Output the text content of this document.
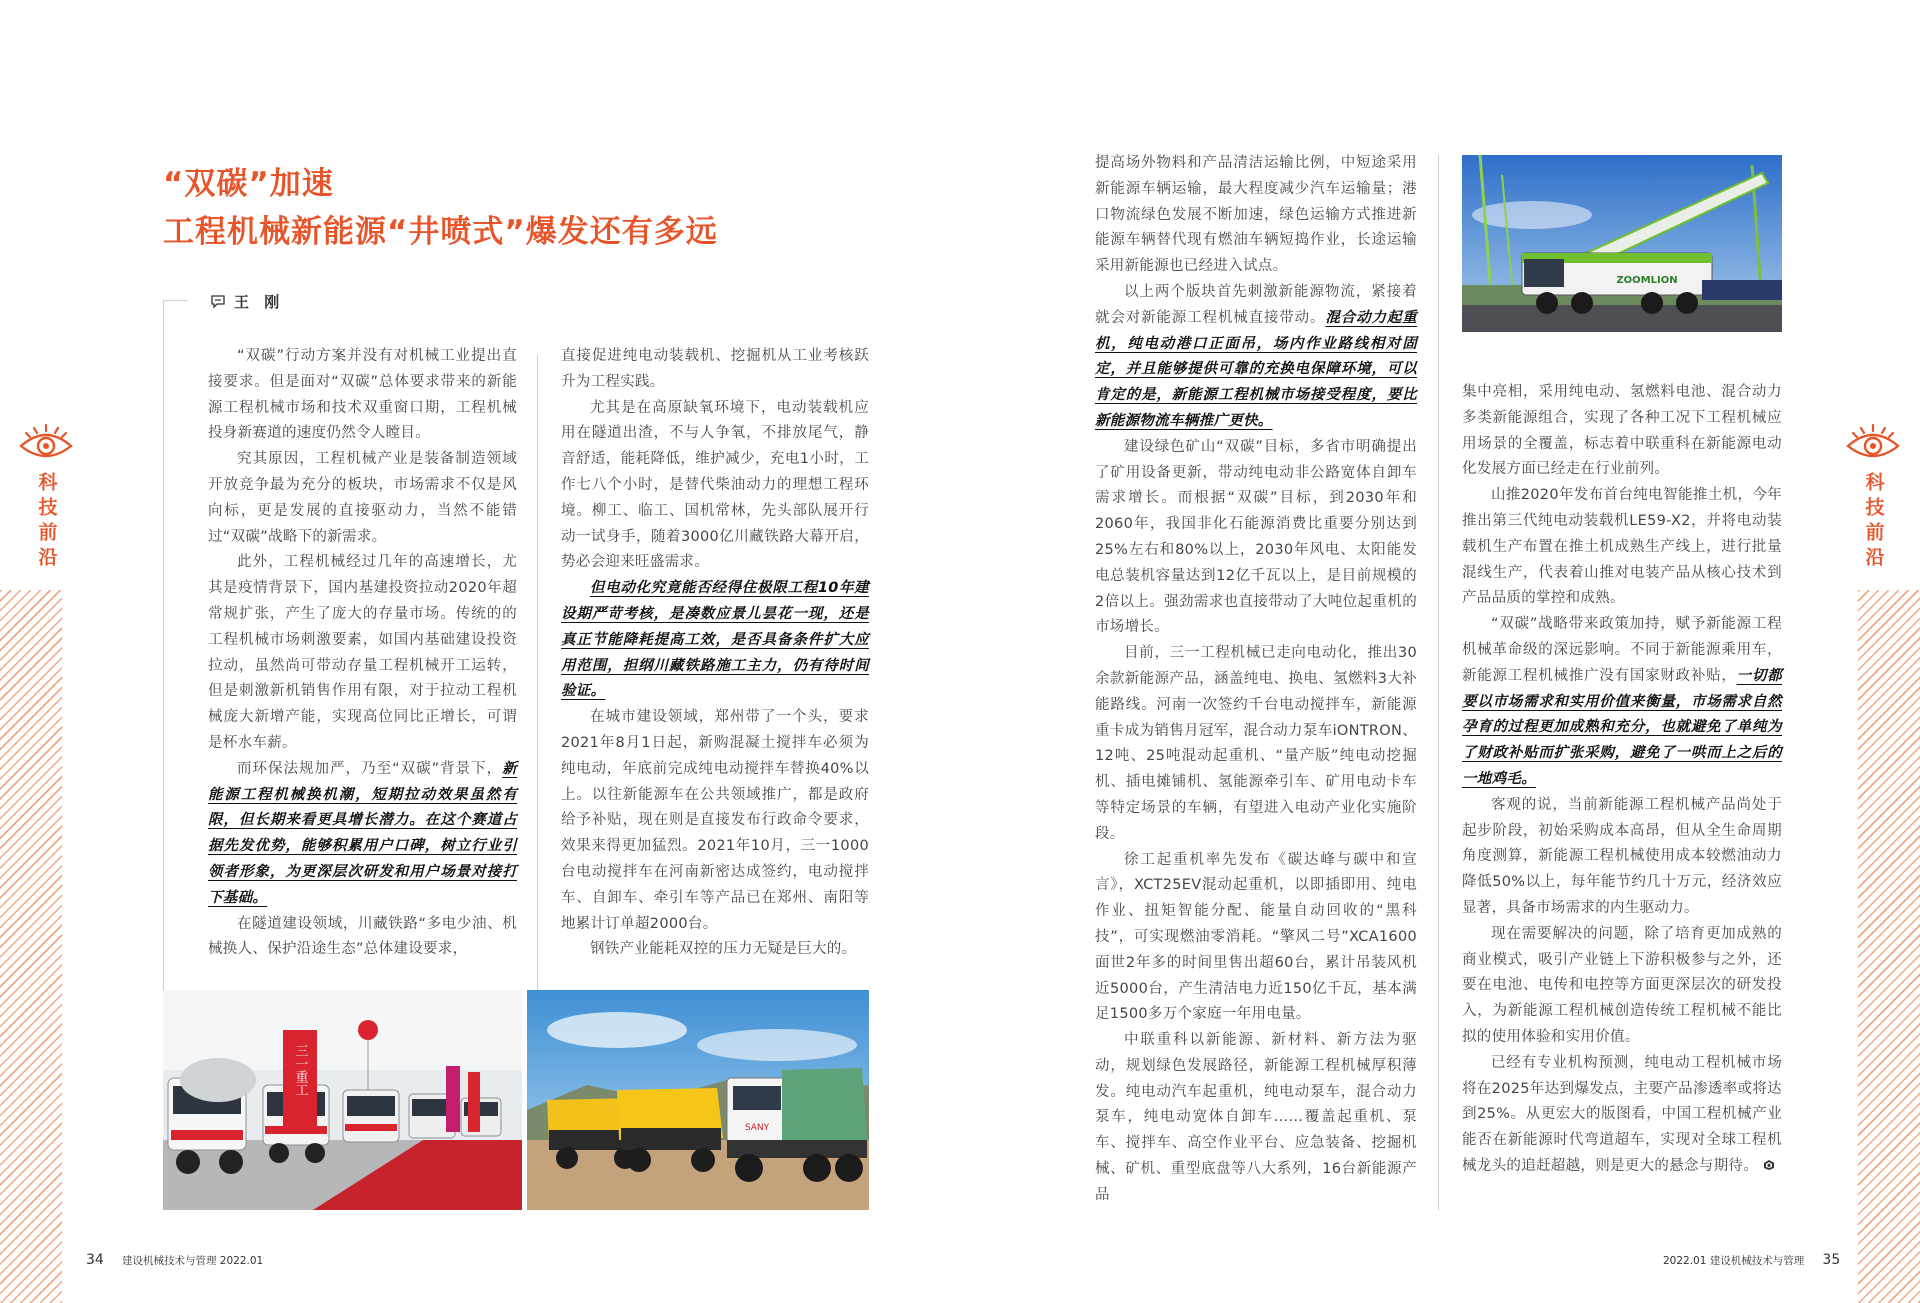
科技前沿	科技前沿
“双碳”加速
工程机械新能源“井喷式”爆发还有多远
王 刚

“双碳”行动方案并没有对机械工业提出直接要求。但是面对“双碳”总体要求带来的新能源工程机械市场和技术双重窗口期，工程机械投身新赛道的速度仍然令人瞠目。

究其原因，工程机械产业是装备制造领域开放竞争最为充分的板块，市场需求不仅是风向标，更是发展的直接驱动力，当然不能错过“双碳”战略下的新需求。

此外，工程机械经过几年的高速增长，尤其是疫情背景下，国内基建投资拉动2020年超常规扩张，产生了庞大的存量市场。传统的的工程机械市场刺激要素，如国内基础建设投资拉动，虽然尚可带动存量工程机械开工运转，但是刺激新机销售作用有限，对于拉动工程机械庞大新增产能，实现高位同比正增长，可谓是杯水车薪。

而环保法规加严，乃至“双碳”背景下，新能源工程机械换机潮，短期拉动效果虽然有限，但长期来看更具增长潜力。在这个赛道占据先发优势，能够积累用户口碑，树立行业引领者形象，为更深层次研发和用户场景对接打下基础。

在隧道建设领域，川藏铁路“多电少油、机械换人、保护沿途生态”总体建设要求，

直接促进纯电动装载机、挖掘机从工业考核跃升为工程实践。

尤其是在高原缺氧环境下，电动装载机应用在隧道出渣，不与人争氧，不排放尾气，静音舒适，能耗降低，维护减少，充电1小时，工作七八个小时，是替代柴油动力的理想工程环境。柳工、临工、国机常林，先头部队展开行动一试身手，随着3000亿川藏铁路大幕开启，势必会迎来旺盛需求。

但电动化究竟能否经得住极限工程10年建设期严苛考核，是凑数应景儿昙花一现，还是真正节能降耗提高工效，是否具备条件扩大应用范围，担纲川藏铁路施工主力，仍有待时间验证。

在城市建设领域，郑州带了一个头，要求2021年8月1日起，新购混凝土搅拌车必须为纯电动，年底前完成纯电动搅拌车替换40%以上。以往新能源车在公共领域推广，都是政府给予补贴，现在则是直接发布行政命令要求，效果来得更加猛烈。2021年10月，三一1000台电动搅拌车在河南新密达成签约，电动搅拌车、自卸车、牵引车等产品已在郑州、南阳等地累计订单超2000台。

钢铁产业能耗双控的压力无疑是巨大的。

三一重工
SANY

提高场外物料和产品清洁运输比例，中短途采用新能源车辆运输，最大程度减少汽车运输量；港口物流绿色发展不断加速，绿色运输方式推进新能源车辆替代现有燃油车辆短捣作业，长途运输采用新能源也已经进入试点。

以上两个版块首先刺激新能源物流，紧接着就会对新能源工程机械直接带动。混合动力起重机，纯电动港口正面吊，场内作业路线相对固定，并且能够提供可靠的充换电保障环境，可以肯定的是，新能源工程机械市场接受程度，要比新能源物流车辆推广更快。

建设绿色矿山“双碳”目标，多省市明确提出了矿用设备更新，带动纯电动非公路宽体自卸车需求增长。而根据“双碳”目标，到2030年和2060年，我国非化石能源消费比重要分别达到25%左右和80%以上，2030年风电、太阳能发电总装机容量达到12亿千瓦以上，是目前规模的2倍以上。强劲需求也直接带动了大吨位起重机的市场增长。

目前，三一工程机械已走向电动化，推出30余款新能源产品，涵盖纯电、换电、氢燃料3大补能路线。河南一次签约千台电动搅拌车，新能源重卡成为销售月冠军，混合动力泵车iONTRON、12吨、25吨混动起重机、“量产版”纯电动挖掘机、插电摊铺机、氢能源牵引车、矿用电动卡车等特定场景的车辆，有望进入电动产业化实施阶段。

徐工起重机率先发布《碳达峰与碳中和宣言》，XCT25EV混动起重机，以即插即用、纯电作业、扭矩智能分配、能量自动回收的“黑科技”，可实现燃油零消耗。“擎风二号”XCA1600面世2年多的时间里售出超60台，累计吊装风机近5000台，产生清洁电力近150亿千瓦，基本满足1500多万个家庭一年用电量。

中联重科以新能源、新材料、新方法为驱动，规划绿色发展路径，新能源工程机械厚积薄发。纯电动汽车起重机，纯电动泵车，混合动力泵车，纯电动宽体自卸车……覆盖起重机、泵车、搅拌车、高空作业平台、应急装备、挖掘机械、矿机、重型底盘等八大系列，16台新能源产品

ZOOMLION

集中亮相，采用纯电动、氢燃料电池、混合动力多类新能源组合，实现了各种工况下工程机械应用场景的全覆盖，标志着中联重科在新能源电动化发展方面已经走在行业前列。

山推2020年发布首台纯电智能推土机，今年推出第三代纯电动装载机LE59-X2，并将电动装载机生产布置在推土机成熟生产线上，进行批量混线生产，代表着山推对电装产品从核心技术到产品品质的掌控和成熟。

“双碳”战略带来政策加持，赋予新能源工程机械革命级的深远影响。不同于新能源乘用车，新能源工程机械推广没有国家财政补贴，一切都要以市场需求和实用价值来衡量，市场需求自然孕育的过程更加成熟和充分，也就避免了单纯为了财政补贴而扩张采购，避免了一哄而上之后的一地鸡毛。

客观的说，当前新能源工程机械产品尚处于起步阶段，初始采购成本高昂，但从全生命周期角度测算，新能源工程机械使用成本较燃油动力降低50%以上，每年能节约几十万元，经济效应显著，具备市场需求的内生驱动力。

现在需要解决的问题，除了培育更加成熟的商业模式，吸引产业链上下游积极参与之外，还要在电池、电传和电控等方面更深层次的研发投入，为新能源工程机械创造传统工程机械不能比拟的使用体验和实用价值。

已经有专业机构预测，纯电动工程机械市场将在2025年达到爆发点，主要产品渗透率或将达到25%。从更宏大的版图看，中国工程机械产业能否在新能源时代弯道超车，实现对全球工程机械龙头的追赶超越，则是更大的悬念与期待。

34 建设机械技术与管理 2022.01	2022.01 建设机械技术与管理 35
